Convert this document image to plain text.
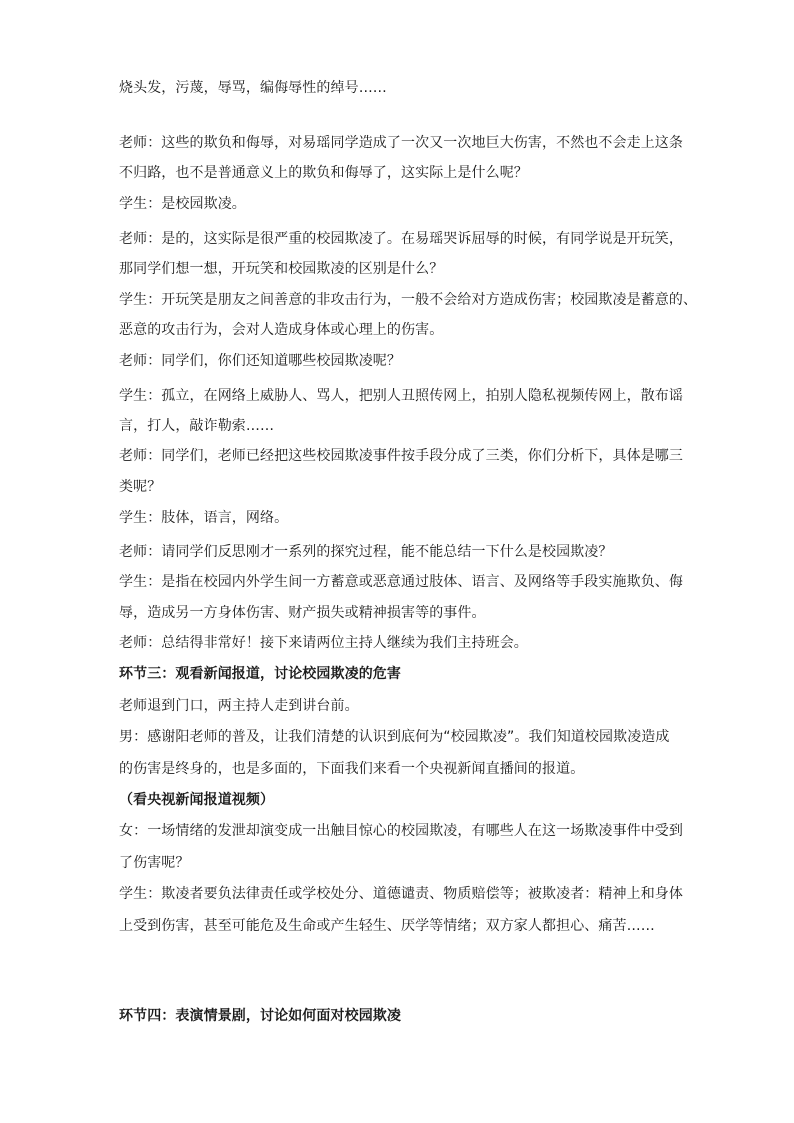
烧头发，污蔑，辱骂，编侮辱性的绰号……
老师：这些的欺负和侮辱，对易瑶同学造成了一次又一次地巨大伤害，不然也不会走上这条
不归路，也不是普通意义上的欺负和侮辱了，这实际上是什么呢？
学生：是校园欺凌。
老师：是的，这实际是很严重的校园欺凌了。在易瑶哭诉屈辱的时候，有同学说是开玩笑，
那同学们想一想，开玩笑和校园欺凌的区别是什么？
学生：开玩笑是朋友之间善意的非攻击行为，一般不会给对方造成伤害；校园欺凌是蓄意的、
恶意的攻击行为，会对人造成身体或心理上的伤害。
老师：同学们，你们还知道哪些校园欺凌呢？
学生：孤立，在网络上威胁人、骂人，把别人丑照传网上，拍别人隐私视频传网上，散布谣
言，打人，敲诈勒索……
老师：同学们，老师已经把这些校园欺凌事件按手段分成了三类，你们分析下，具体是哪三
类呢？
学生：肢体，语言，网络。
老师：请同学们反思刚才一系列的探究过程，能不能总结一下什么是校园欺凌？
学生：是指在校园内外学生间一方蓄意或恶意通过肢体、语言、及网络等手段实施欺负、侮
辱，造成另一方身体伤害、财产损失或精神损害等的事件。
老师：总结得非常好！接下来请两位主持人继续为我们主持班会。
环节三：观看新闻报道，讨论校园欺凌的危害
老师退到门口，两主持人走到讲台前。
男：感谢阳老师的普及，让我们清楚的认识到底何为“校园欺凌”。我们知道校园欺凌造成
的伤害是终身的，也是多面的，下面我们来看一个央视新闻直播间的报道。
（看央视新闻报道视频）
女：一场情绪的发泄却演变成一出触目惊心的校园欺凌，有哪些人在这一场欺凌事件中受到
了伤害呢？
学生：欺凌者要负法律责任或学校处分、道德谴责、物质赔偿等；被欺凌者：精神上和身体
上受到伤害，甚至可能危及生命或产生轻生、厌学等情绪；双方家人都担心、痛苦……
环节四：表演情景剧，讨论如何面对校园欺凌
